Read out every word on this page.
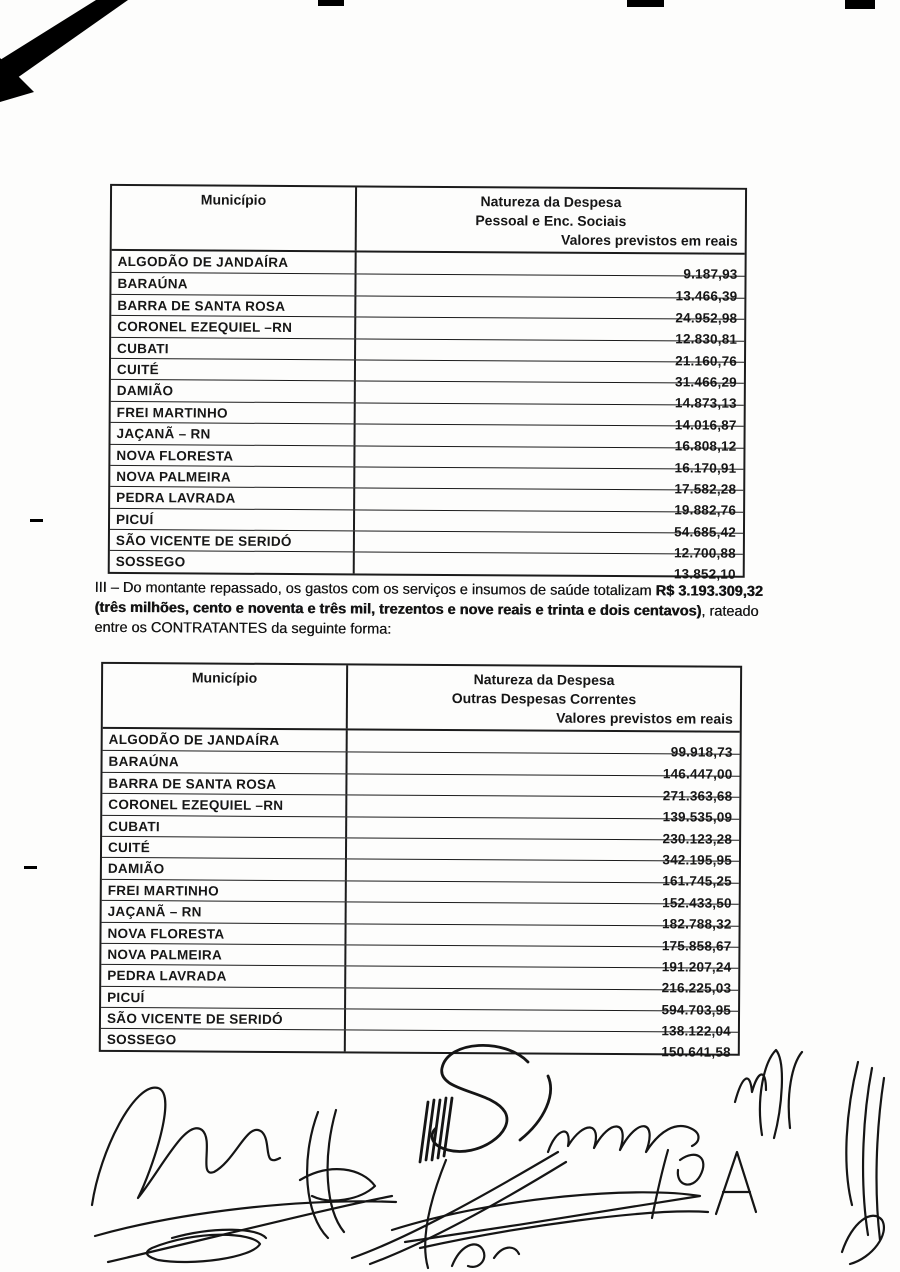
Município	Natureza da Despesa
Pessoal e Enc. Sociais
Valores previstos em reais
ALGODÃO DE JANDAÍRA
9.187,93
BARAÚNA
13.466,39
BARRA DE SANTA ROSA
24.952,98
CORONEL EZEQUIEL –RN
12.830,81
CUBATI
21.160,76
CUITÉ
31.466,29
DAMIÃO
14.873,13
FREI MARTINHO
14.016,87
JAÇANÃ – RN
16.808,12
NOVA FLORESTA
16.170,91
NOVA PALMEIRA
17.582,28
PEDRA LAVRADA
19.882,76
PICUÍ
54.685,42
SÃO VICENTE DE SERIDÓ
12.700,88
SOSSEGO
13.852,10

III – Do montante repassado, os gastos com os serviços e insumos de saúde totalizam R$ 3.193.309,32 (três milhões, cento e noventa e três mil, trezentos e nove reais e trinta e dois centavos), rateado entre os CONTRATANTES da seguinte forma:

Município	Natureza da Despesa
Outras Despesas Correntes
Valores previstos em reais
ALGODÃO DE JANDAÍRA
99.918,73
BARAÚNA
146.447,00
BARRA DE SANTA ROSA
271.363,68
CORONEL EZEQUIEL –RN
139.535,09
CUBATI
230.123,28
CUITÉ
342.195,95
DAMIÃO
161.745,25
FREI MARTINHO
152.433,50
JAÇANÃ – RN
182.788,32
NOVA FLORESTA
175.858,67
NOVA PALMEIRA
191.207,24
PEDRA LAVRADA
216.225,03
PICUÍ
594.703,95
SÃO VICENTE DE SERIDÓ
138.122,04
SOSSEGO
150.641,58
